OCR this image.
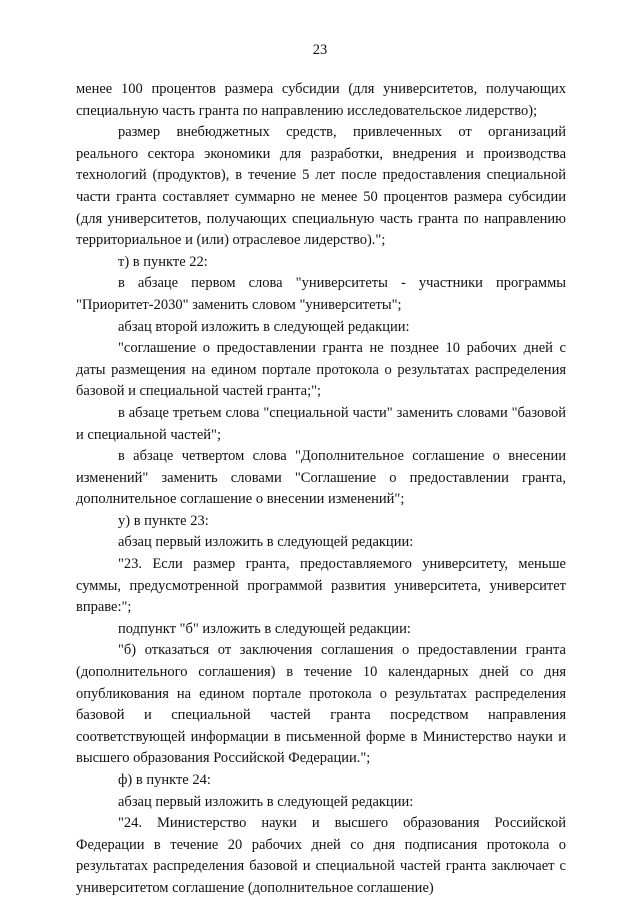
23

менее 100 процентов размера субсидии (для университетов, получающих специальную часть гранта по направлению исследовательское лидерство);

размер внебюджетных средств, привлеченных от организаций реального сектора экономики для разработки, внедрения и производства технологий (продуктов), в течение 5 лет после предоставления специальной части гранта составляет суммарно не менее 50 процентов размера субсидии (для университетов, получающих специальную часть гранта по направлению территориальное и (или) отраслевое лидерство).";

т) в пункте 22:

в абзаце первом слова "университеты - участники программы "Приоритет-2030" заменить словом "университеты";

абзац второй изложить в следующей редакции:

"соглашение о предоставлении гранта не позднее 10 рабочих дней с даты размещения на едином портале протокола о результатах распределения базовой и специальной частей гранта;";

в абзаце третьем слова "специальной части" заменить словами "базовой и специальной частей";

в абзаце четвертом слова "Дополнительное соглашение о внесении изменений" заменить словами "Соглашение о предоставлении гранта, дополнительное соглашение о внесении изменений";

у) в пункте 23:

абзац первый изложить в следующей редакции:

"23. Если размер гранта, предоставляемого университету, меньше суммы, предусмотренной программой развития университета, университет вправе:";

подпункт "б" изложить в следующей редакции:

"б) отказаться от заключения соглашения о предоставлении гранта (дополнительного соглашения) в течение 10 календарных дней со дня опубликования на едином портале протокола о результатах распределения базовой и специальной частей гранта посредством направления соответствующей информации в письменной форме в Министерство науки и высшего образования Российской Федерации.";

ф) в пункте 24:

абзац первый изложить в следующей редакции:

"24. Министерство науки и высшего образования Российской Федерации в течение 20 рабочих дней со дня подписания протокола о результатах распределения базовой и специальной частей гранта заключает с университетом соглашение (дополнительное соглашение)
